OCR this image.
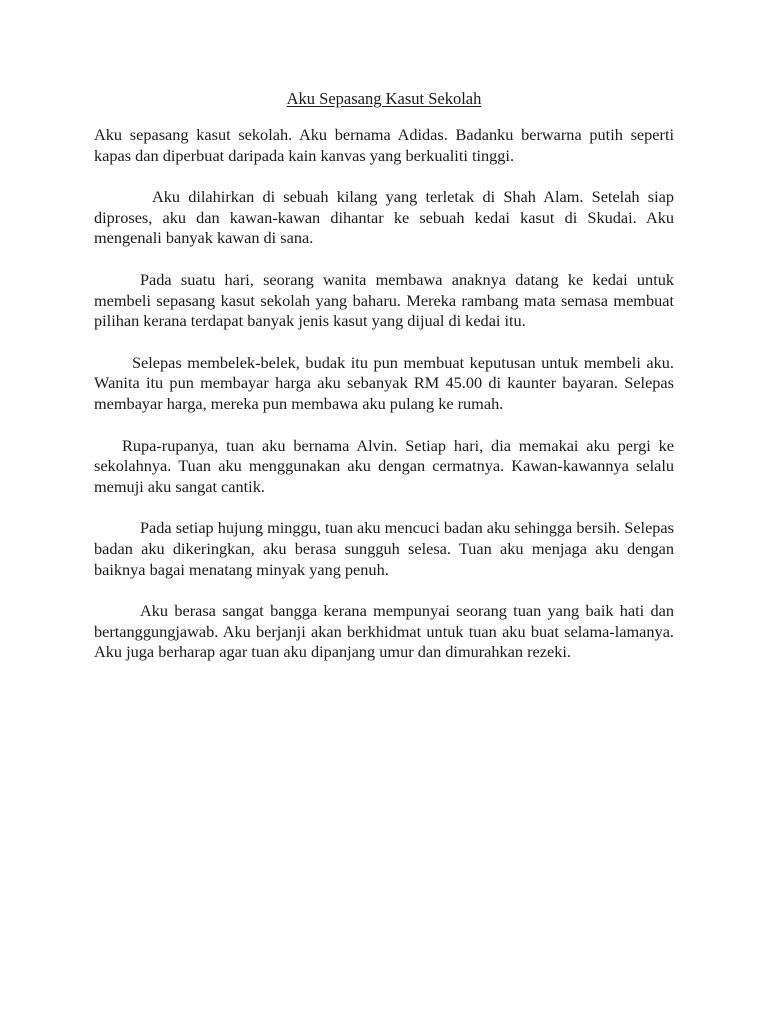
Aku Sepasang Kasut Sekolah

Aku sepasang kasut sekolah. Aku bernama Adidas. Badanku berwarna putih seperti kapas dan diperbuat daripada kain kanvas yang berkualiti tinggi.

Aku dilahirkan di sebuah kilang yang terletak di Shah Alam. Setelah siap diproses, aku dan kawan-kawan dihantar ke sebuah kedai kasut di Skudai. Aku mengenali banyak kawan di sana.

Pada suatu hari, seorang wanita membawa anaknya datang ke kedai untuk membeli sepasang kasut sekolah yang baharu. Mereka rambang mata semasa membuat pilihan kerana terdapat banyak jenis kasut yang dijual di kedai itu.

Selepas membelek-belek, budak itu pun membuat keputusan untuk membeli aku. Wanita itu pun membayar harga aku sebanyak RM 45.00 di kaunter bayaran. Selepas membayar harga, mereka pun membawa aku pulang ke rumah.

Rupa-rupanya, tuan aku bernama Alvin. Setiap hari, dia memakai aku pergi ke sekolahnya. Tuan aku menggunakan aku dengan cermatnya. Kawan-kawannya selalu memuji aku sangat cantik.

Pada setiap hujung minggu, tuan aku mencuci badan aku sehingga bersih. Selepas badan aku dikeringkan, aku berasa sungguh selesa. Tuan aku menjaga aku dengan baiknya bagai menatang minyak yang penuh.

Aku berasa sangat bangga kerana mempunyai seorang tuan yang baik hati dan bertanggungjawab. Aku berjanji akan berkhidmat untuk tuan aku buat selama-lamanya. Aku juga berharap agar tuan aku dipanjang umur dan dimurahkan rezeki.
